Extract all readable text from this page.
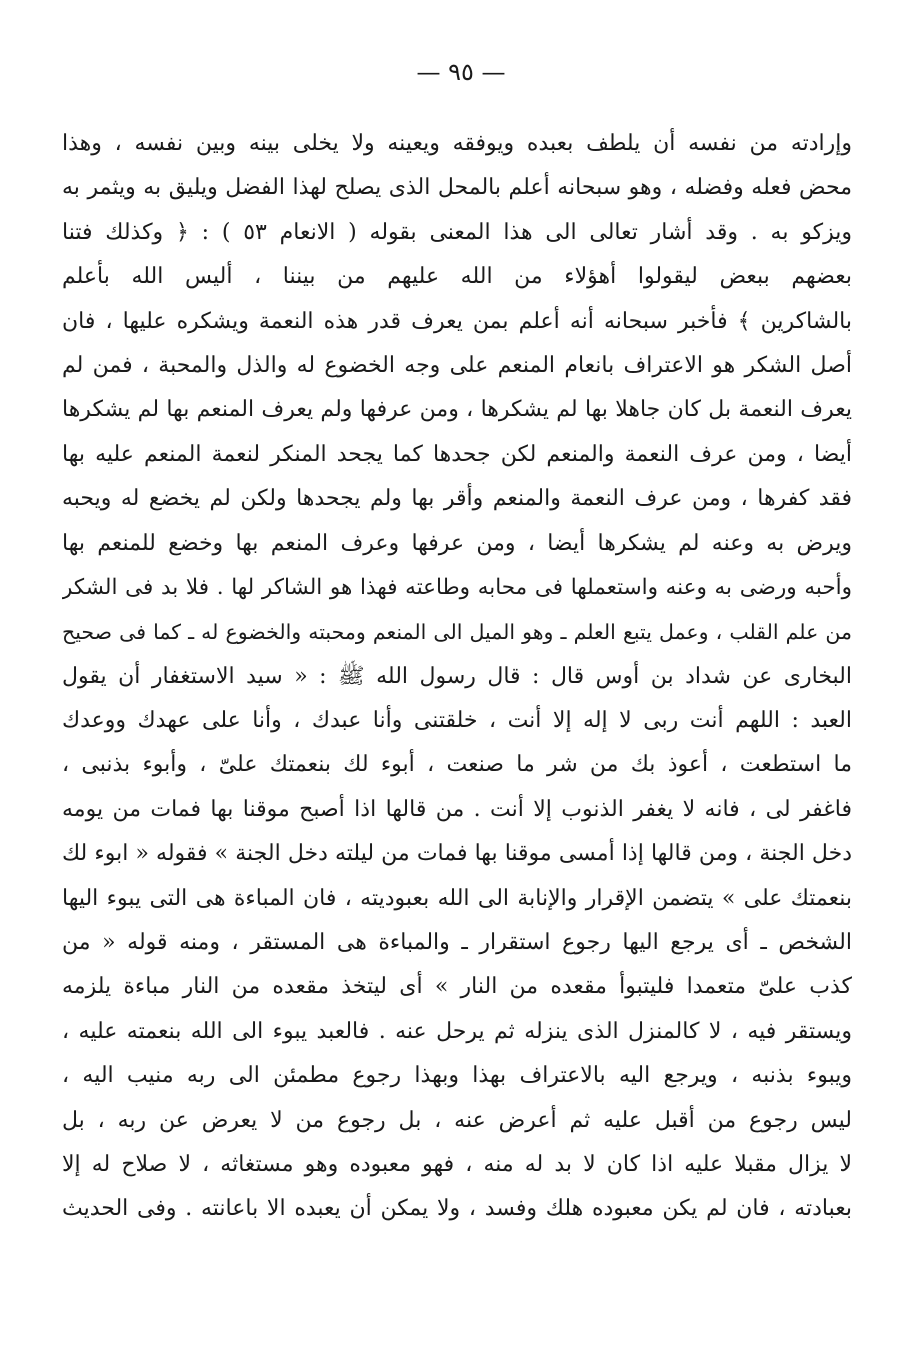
— ٩٥ —
وإرادته من نفسه أن يلطف بعبده ويوفقه ويعينه ولا يخلى بينه وبين نفسه ، وهذا
محض فعله وفضله ، وهو سبحانه أعلم بالمحل الذى يصلح لهذا الفضل ويليق به ويثمر به
ويزكو به . وقد أشار تعالى الى هذا المعنى بقوله ( الانعام ٥٣ ) : ﴿ وكذلك فتنا
بعضهم ببعض ليقولوا أهؤلاء من الله عليهم من بيننا ، أليس الله بأعلم
بالشاكرين ﴾ فأخبر سبحانه أنه أعلم بمن يعرف قدر هذه النعمة ويشكره عليها ، فان
أصل الشكر هو الاعتراف بانعام المنعم على وجه الخضوع له والذل والمحبة ، فمن لم
يعرف النعمة بل كان جاهلا بها لم يشكرها ، ومن عرفها ولم يعرف المنعم بها لم يشكرها
أيضا ، ومن عرف النعمة والمنعم لكن جحدها كما يجحد المنكر لنعمة المنعم عليه بها
فقد كفرها ، ومن عرف النعمة والمنعم وأقر بها ولم يجحدها ولكن لم يخضع له ويحبه
ويرض به وعنه لم يشكرها أيضا ، ومن عرفها وعرف المنعم بها وخضع للمنعم بها
وأحبه ورضى به وعنه واستعملها فى محابه وطاعته فهذا هو الشاكر لها . فلا بد فى الشكر
من علم القلب ، وعمل يتبع العلم ـ وهو الميل الى المنعم ومحبته والخضوع له ـ كما فى صحيح
البخارى عن شداد بن أوس قال : قال رسول الله ﷺ : « سيد الاستغفار أن يقول
العبد : اللهم أنت ربى لا إله إلا أنت ، خلقتنى وأنا عبدك ، وأنا على عهدك ووعدك
ما استطعت ، أعوذ بك من شر ما صنعت ، أبوء لك بنعمتك علىّ ، وأبوء بذنبى ،
فاغفر لى ، فانه لا يغفر الذنوب إلا أنت . من قالها اذا أصبح موقنا بها فمات من يومه
دخل الجنة ، ومن قالها إذا أمسى موقنا بها فمات من ليلته دخل الجنة » فقوله « ابوء لك
بنعمتك على » يتضمن الإقرار والإنابة الى الله بعبوديته ، فان المباءة هى التى يبوء اليها
الشخص ـ أى يرجع اليها رجوع استقرار ـ والمباءة هى المستقر ، ومنه قوله « من
كذب علىّ متعمدا فليتبوأ مقعده من النار » أى ليتخذ مقعده من النار مباءة يلزمه
ويستقر فيه ، لا كالمنزل الذى ينزله ثم يرحل عنه . فالعبد يبوء الى الله بنعمته عليه ،
ويبوء بذنبه ، ويرجع اليه بالاعتراف بهذا وبهذا رجوع مطمئن الى ربه منيب اليه ،
ليس رجوع من أقبل عليه ثم أعرض عنه ، بل رجوع من لا يعرض عن ربه ، بل
لا يزال مقبلا عليه اذا كان لا بد له منه ، فهو معبوده وهو مستغاثه ، لا صلاح له إلا
بعبادته ، فان لم يكن معبوده هلك وفسد ، ولا يمكن أن يعبده الا باعانته . وفى الحديث
